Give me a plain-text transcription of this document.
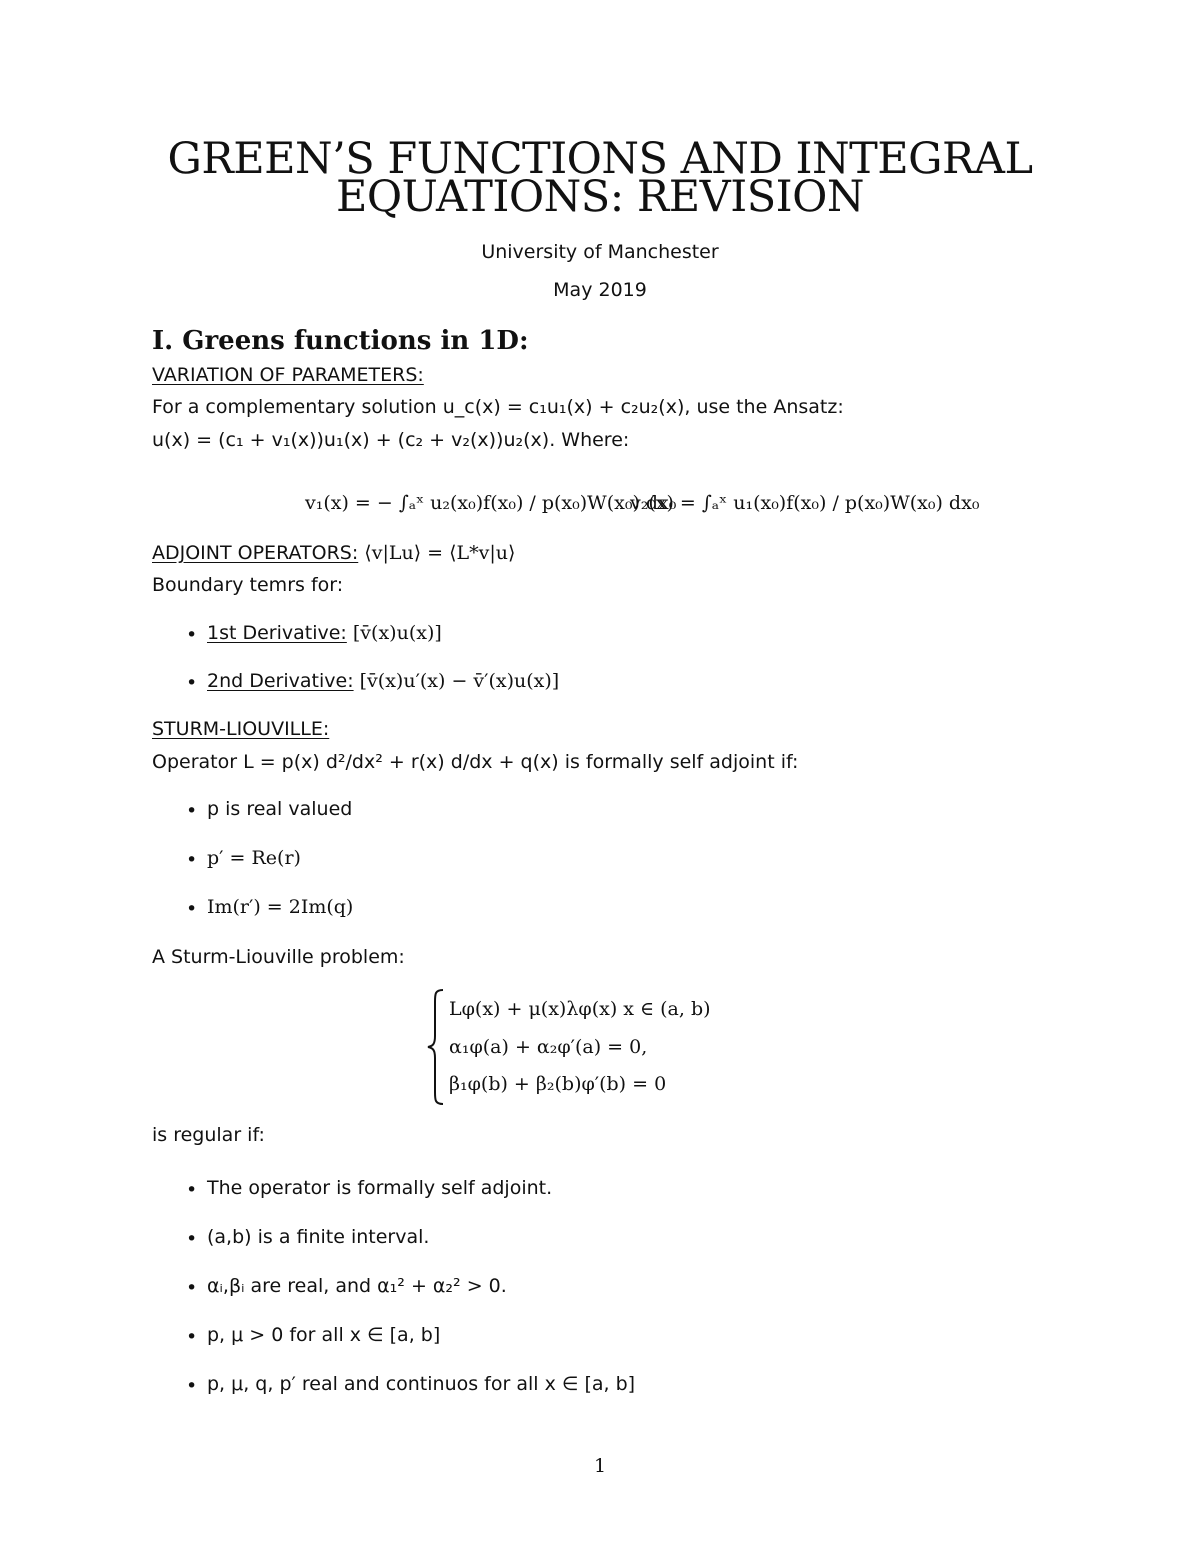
GREEN’S FUNCTIONS AND INTEGRAL
EQUATIONS: REVISION
University of Manchester
May 2019
I. Greens functions in 1D:
VARIATION OF PARAMETERS:
For a complementary solution u_c(x) = c₁u₁(x) + c₂u₂(x), use the Ansatz:
u(x) = (c₁ + v₁(x))u₁(x) + (c₂ + v₂(x))u₂(x). Where:
v₁(x) = − ∫ₐˣ u₂(x₀)f(x₀) / p(x₀)W(x₀) dx₀
v₂(x) = ∫ₐˣ u₁(x₀)f(x₀) / p(x₀)W(x₀) dx₀
ADJOINT OPERATORS: ⟨v|Lu⟩ = ⟨L*v|u⟩
Boundary temrs for:
• 1st Derivative: [v̄(x)u(x)]
• 2nd Derivative: [v̄(x)u′(x) − v̄′(x)u(x)]
STURM-LIOUVILLE:
Operator L = p(x) d²/dx² + r(x) d/dx + q(x) is formally self adjoint if:
• p is real valued
• p′ = Re(r)
• Im(r′) = 2Im(q)
A Sturm-Liouville problem:
Lφ(x) + μ(x)λφ(x) x ∈ (a, b)
α₁φ(a) + α₂φ′(a) = 0,
β₁φ(b) + β₂(b)φ′(b) = 0
is regular if:
• The operator is formally self adjoint.
• (a,b) is a finite interval.
• αᵢ,βᵢ are real, and α₁² + α₂² > 0.
• p, μ > 0 for all x ∈ [a, b]
• p, μ, q, p′ real and continuos for all x ∈ [a, b]
1
